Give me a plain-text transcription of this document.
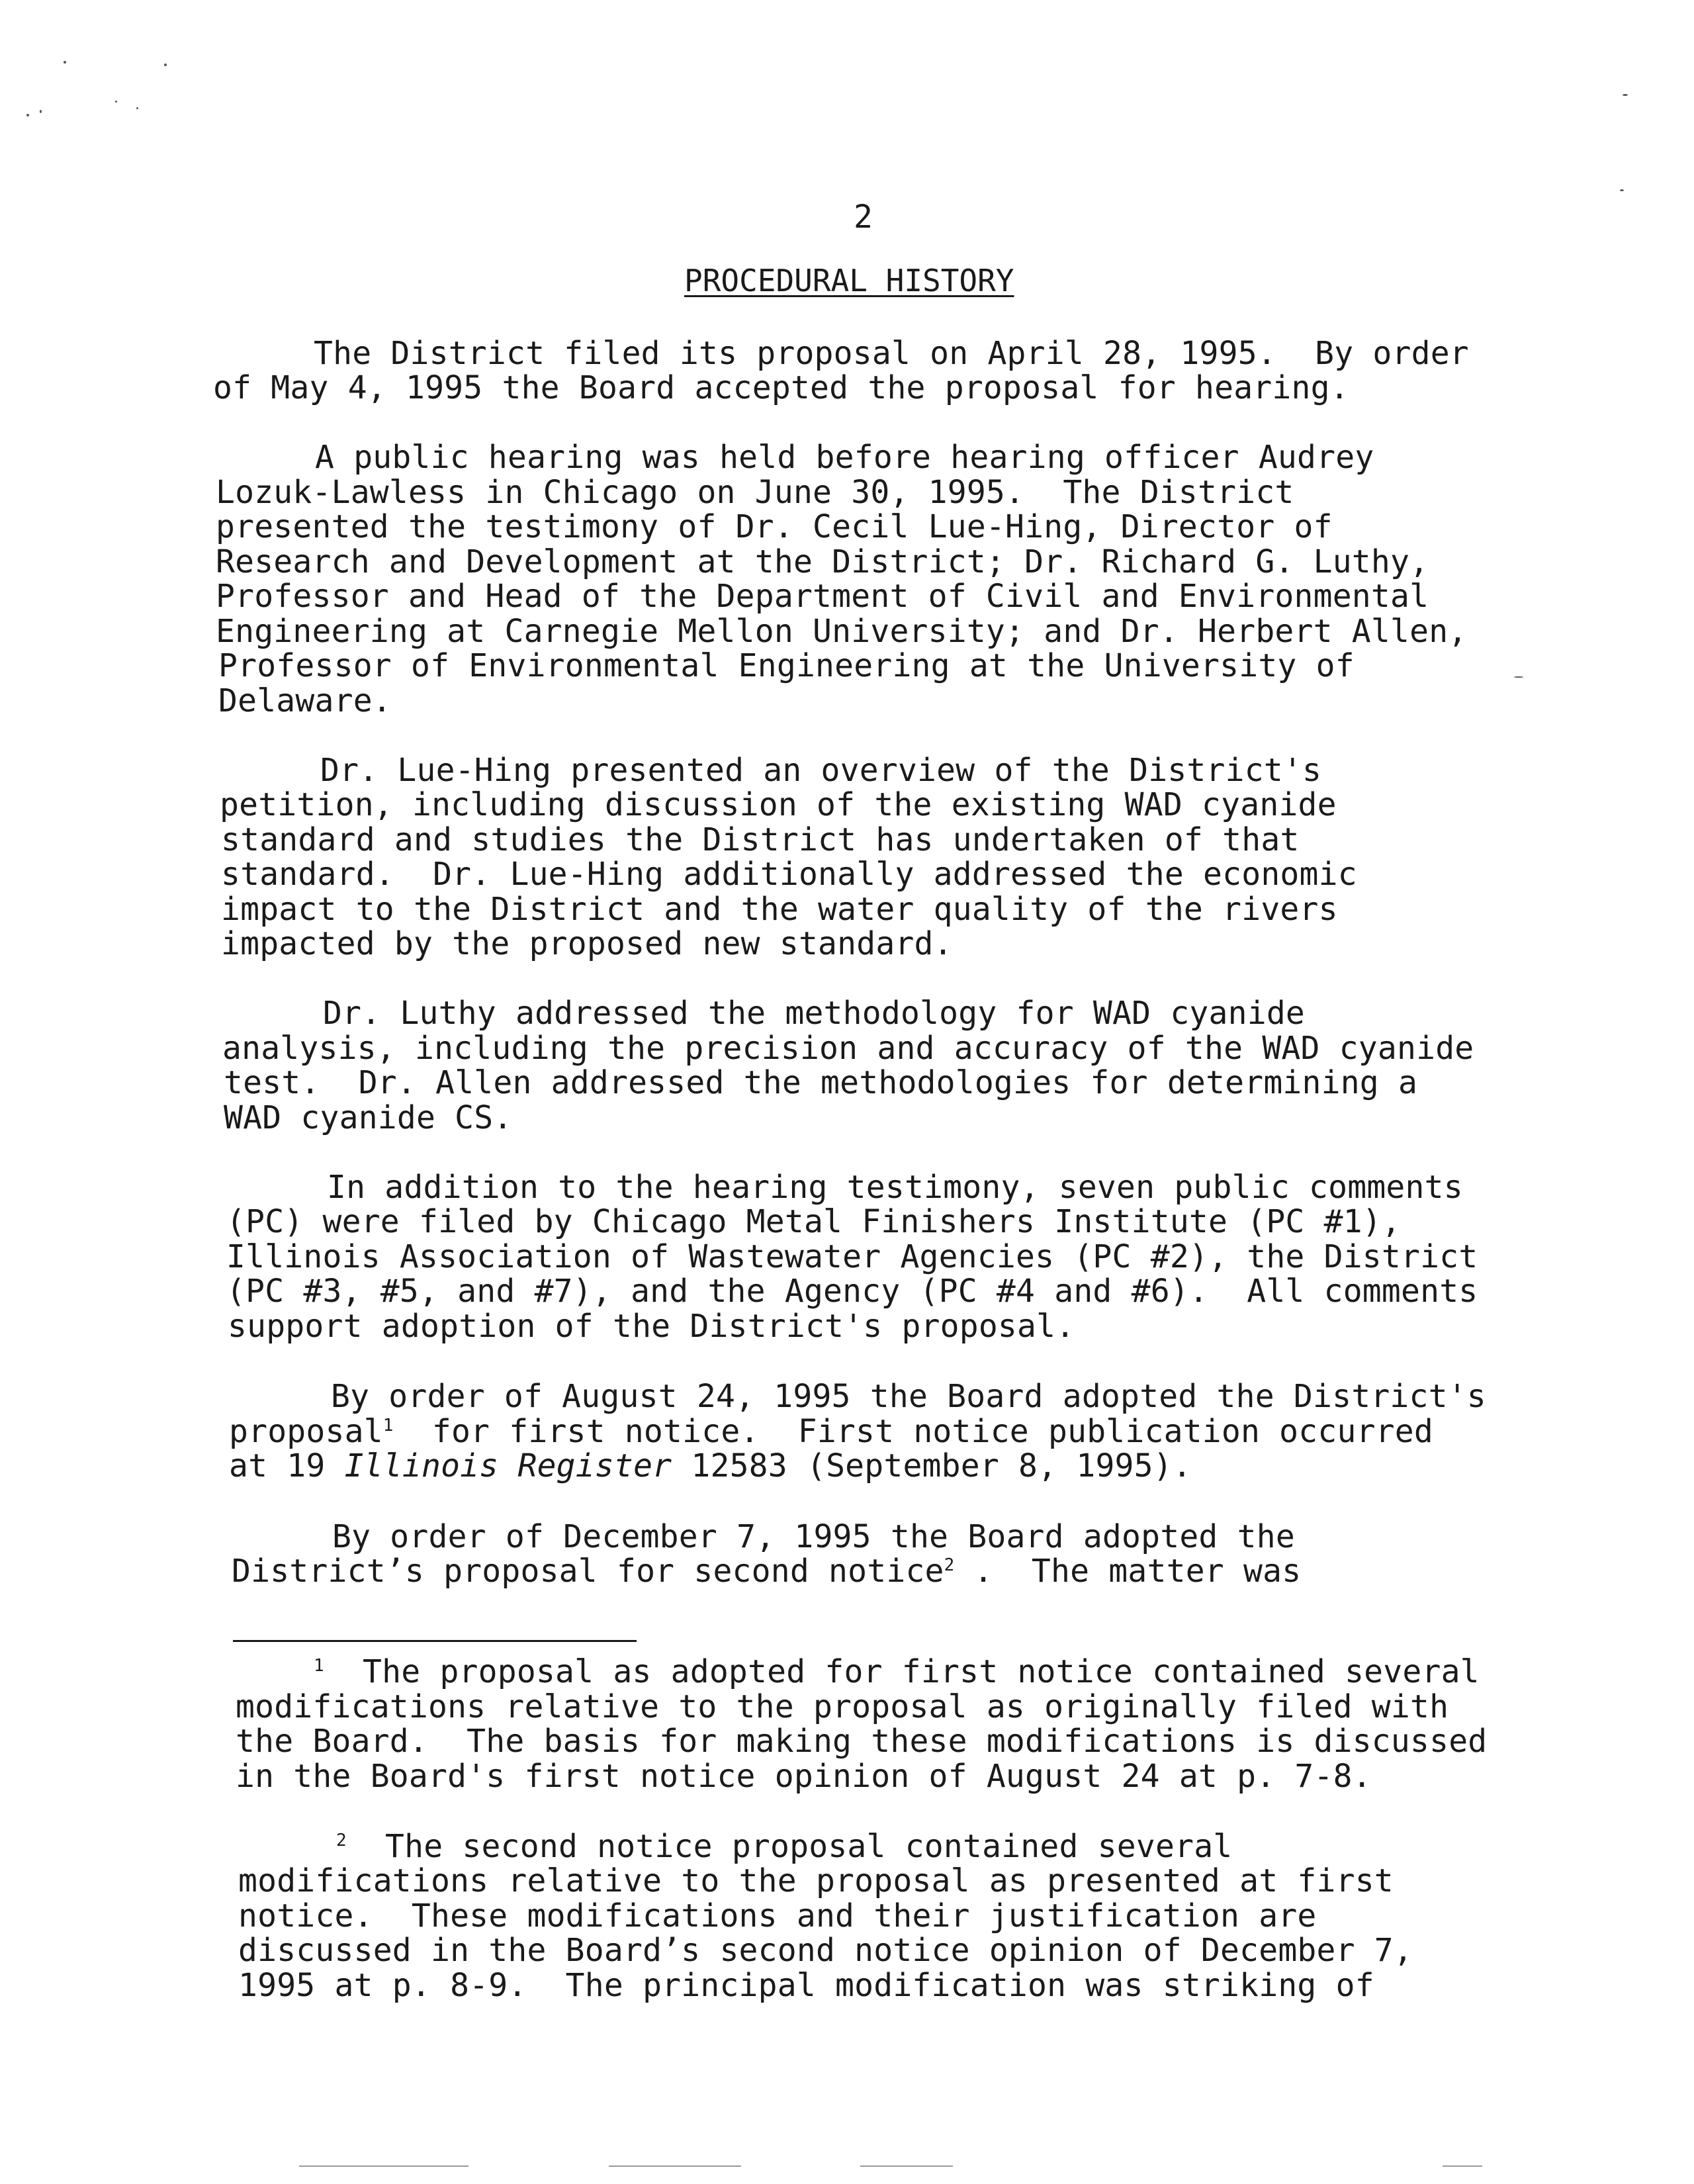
2
PROCEDURAL HISTORY
The District filed its proposal on April 28, 1995.  By order
of May 4, 1995 the Board accepted the proposal for hearing.
A public hearing was held before hearing officer Audrey
Lozuk-Lawless in Chicago on June 30, 1995.  The District
presented the testimony of Dr. Cecil Lue-Hing, Director of
Research and Development at the District; Dr. Richard G. Luthy,
Professor and Head of the Department of Civil and Environmental
Engineering at Carnegie Mellon University; and Dr. Herbert Allen,
Professor of Environmental Engineering at the University of
Delaware.
Dr. Lue-Hing presented an overview of the District's
petition, including discussion of the existing WAD cyanide
standard and studies the District has undertaken of that
standard.  Dr. Lue-Hing additionally addressed the economic
impact to the District and the water quality of the rivers
impacted by the proposed new standard.
Dr. Luthy addressed the methodology for WAD cyanide
analysis, including the precision and accuracy of the WAD cyanide
test.  Dr. Allen addressed the methodologies for determining a
WAD cyanide CS.
In addition to the hearing testimony, seven public comments
(PC) were filed by Chicago Metal Finishers Institute (PC #1),
Illinois Association of Wastewater Agencies (PC #2), the District
(PC #3, #5, and #7), and the Agency (PC #4 and #6).  All comments
support adoption of the District's proposal.
By order of August 24, 1995 the Board adopted the District's
proposal$^1$  for first notice.  First notice publication occurred
at 19 Illinois Register 12583 (September 8, 1995).
By order of December 7, 1995 the Board adopted the
District’s proposal for second notice$^2$ .  The matter was
$^1$  The proposal as adopted for first notice contained several
modifications relative to the proposal as originally filed with
the Board.  The basis for making these modifications is discussed
in the Board's first notice opinion of August 24 at p. 7-8.
$^2$  The second notice proposal contained several
modifications relative to the proposal as presented at first
notice.  These modifications and their justification are
discussed in the Board’s second notice opinion of December 7,
1995 at p. 8-9.  The principal modification was striking of
